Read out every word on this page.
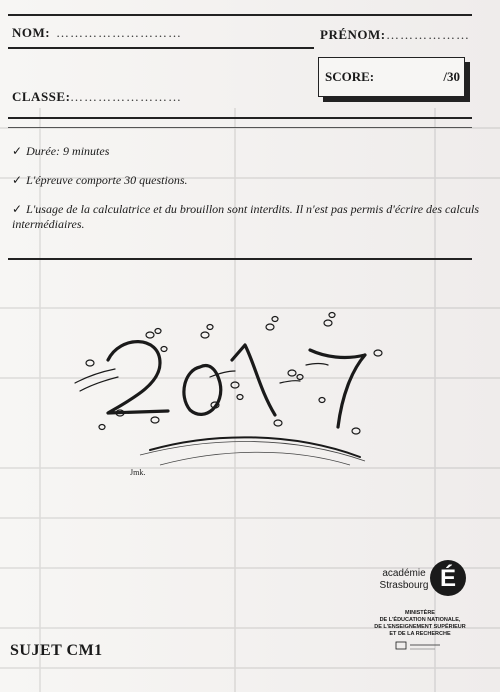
NOM: ………………………	PRÉNOM: ………………
SCORE:	/30
CLASSE: ……………………
✓ Durée: 9 minutes
✓ L'épreuve comporte 30 questions.
✓ L'usage de la calculatrice et du brouillon sont interdits. Il n'est pas permis d'écrire des calculs intermédiaires.
Jmk.
É
académie
Strasbourg
MINISTÈRE
DE L'ÉDUCATION NATIONALE,
DE L'ENSEIGNEMENT SUPÉRIEUR
ET DE LA RECHERCHE
SUJET CM1
